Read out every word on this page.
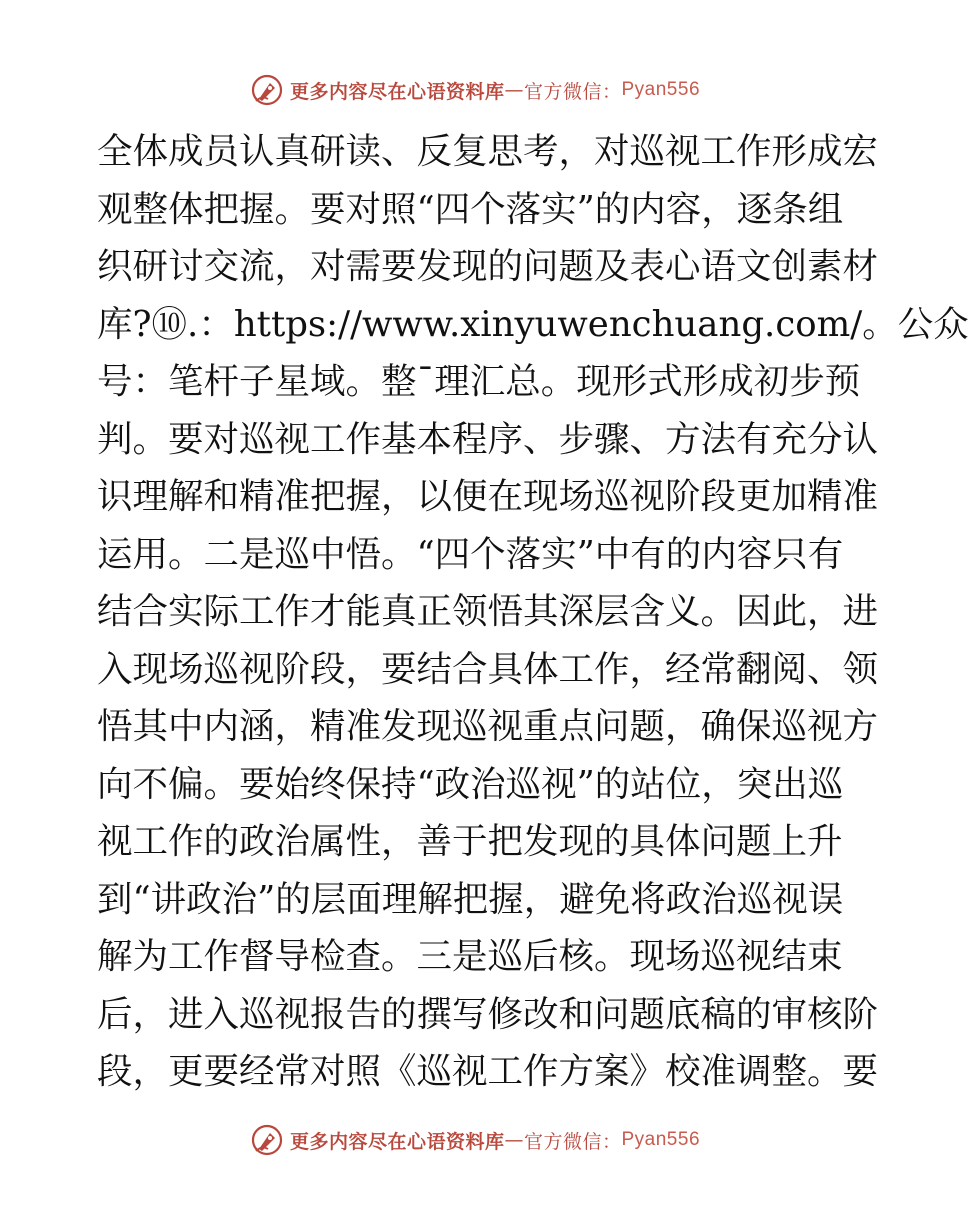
更多内容尽在心语资料库 — 官方微信： Pyan556
全体成员认真研读、反复思考，对巡视工作形成宏
观整体把握。要对照“四个落实”的内容，逐条组
织研讨交流，对需要发现的问题及表心语文创素材
库?⑩.：https://www.xinyuwenchuang.com/。公众
号：笔杆子星域。整¯理汇总。现形式形成初步预
判。要对巡视工作基本程序、步骤、方法有充分认
识理解和精准把握，以便在现场巡视阶段更加精准
运用。二是巡中悟。“四个落实”中有的内容只有
结合实际工作才能真正领悟其深层含义。因此，进
入现场巡视阶段，要结合具体工作，经常翻阅、领
悟其中内涵，精准发现巡视重点问题，确保巡视方
向不偏。要始终保持“政治巡视”的站位，突出巡
视工作的政治属性，善于把发现的具体问题上升
到“讲政治”的层面理解把握，避免将政治巡视误
解为工作督导检查。三是巡后核。现场巡视结束
后，进入巡视报告的撰写修改和问题底稿的审核阶
段，更要经常对照《巡视工作方案》校准调整。要
更多内容尽在心语资料库 — 官方微信： Pyan556
